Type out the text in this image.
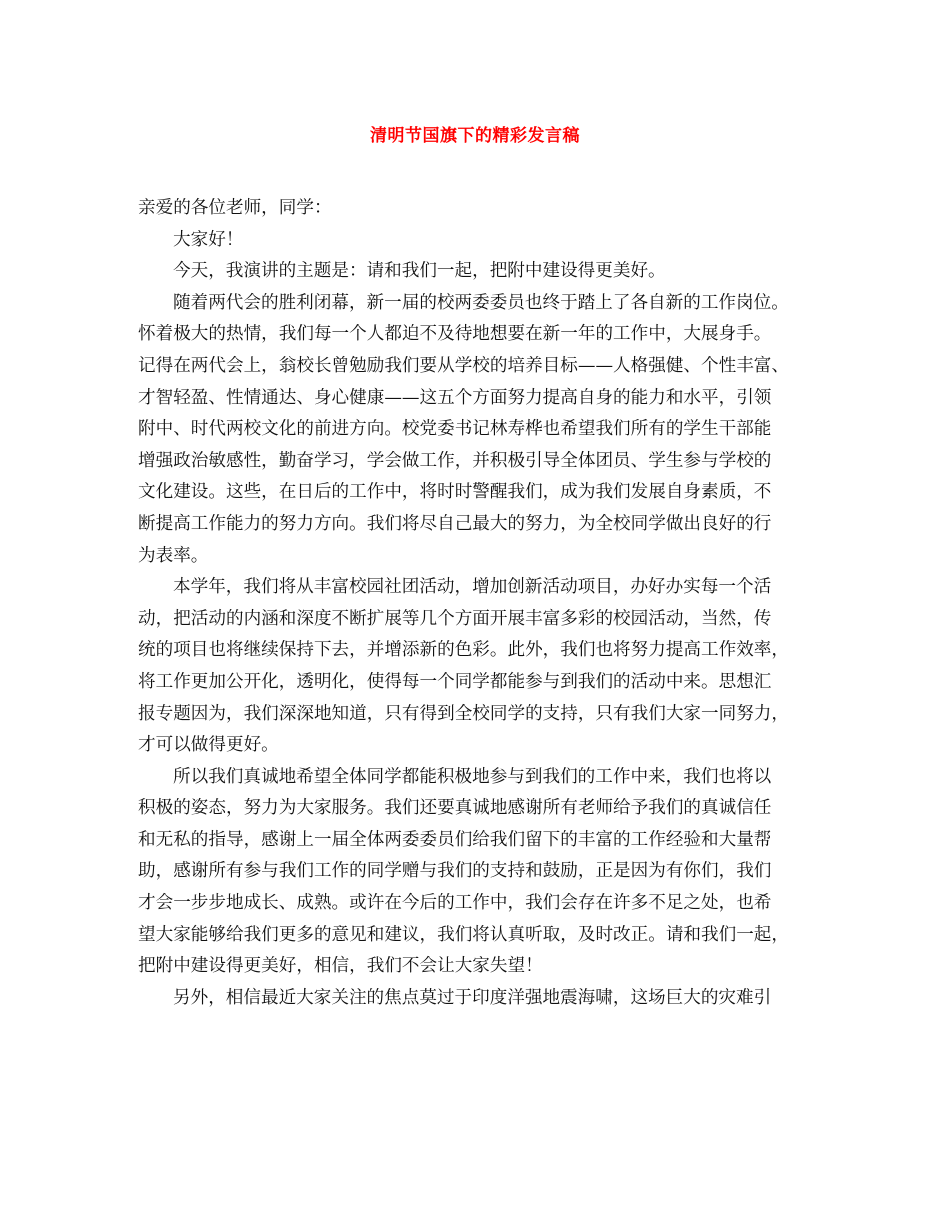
清明节国旗下的精彩发言稿
亲爱的各位老师，同学：
大家好！
今天，我演讲的主题是：请和我们一起，把附中建设得更美好。
随着两代会的胜利闭幕，新一届的校两委委员也终于踏上了各自新的工作岗位。
怀着极大的热情，我们每一个人都迫不及待地想要在新一年的工作中，大展身手。
记得在两代会上，翁校长曾勉励我们要从学校的培养目标——人格强健、个性丰富、
才智轻盈、性情通达、身心健康——这五个方面努力提高自身的能力和水平，引领
附中、时代两校文化的前进方向。校党委书记林寿桦也希望我们所有的学生干部能
增强政治敏感性，勤奋学习，学会做工作，并积极引导全体团员、学生参与学校的
文化建设。这些，在日后的工作中，将时时警醒我们，成为我们发展自身素质，不
断提高工作能力的努力方向。我们将尽自己最大的努力，为全校同学做出良好的行
为表率。
本学年，我们将从丰富校园社团活动，增加创新活动项目，办好办实每一个活
动，把活动的内涵和深度不断扩展等几个方面开展丰富多彩的校园活动，当然，传
统的项目也将继续保持下去，并增添新的色彩。此外，我们也将努力提高工作效率，
将工作更加公开化，透明化，使得每一个同学都能参与到我们的活动中来。思想汇
报专题因为，我们深深地知道，只有得到全校同学的支持，只有我们大家一同努力，
才可以做得更好。
所以我们真诚地希望全体同学都能积极地参与到我们的工作中来，我们也将以
积极的姿态，努力为大家服务。我们还要真诚地感谢所有老师给予我们的真诚信任
和无私的指导，感谢上一届全体两委委员们给我们留下的丰富的工作经验和大量帮
助，感谢所有参与我们工作的同学赠与我们的支持和鼓励，正是因为有你们，我们
才会一步步地成长、成熟。或许在今后的工作中，我们会存在许多不足之处，也希
望大家能够给我们更多的意见和建议，我们将认真听取，及时改正。请和我们一起，
把附中建设得更美好，相信，我们不会让大家失望！
另外，相信最近大家关注的焦点莫过于印度洋强地震海啸，这场巨大的灾难引
